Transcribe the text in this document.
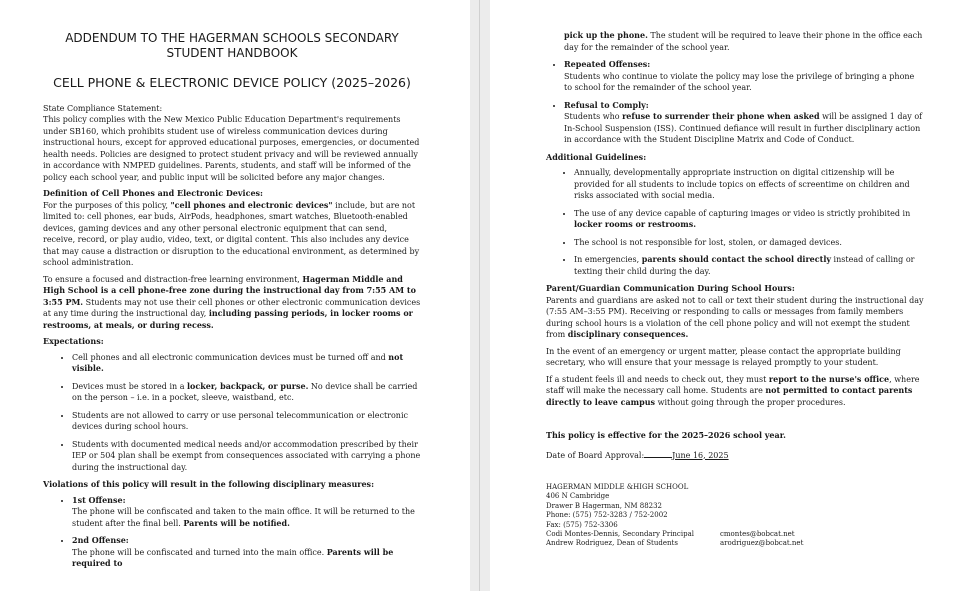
ADDENDUM TO THE HAGERMAN SCHOOLS SECONDARY STUDENT HANDBOOK

CELL PHONE & ELECTRONIC DEVICE POLICY (2025–2026)

State Compliance Statement:

This policy complies with the New Mexico Public Education Department's requirements under SB160, which prohibits student use of wireless communication devices during instructional hours, except for approved educational purposes, emergencies, or documented health needs. Policies are designed to protect student privacy and will be reviewed annually in accordance with NMPED guidelines. Parents, students, and staff will be informed of the policy each school year, and public input will be solicited before any major changes.

Definition of Cell Phones and Electronic Devices:

For the purposes of this policy, "cell phones and electronic devices" include, but are not limited to: cell phones, ear buds, AirPods, headphones, smart watches, Bluetooth-enabled devices, gaming devices and any other personal electronic equipment that can send, receive, record, or play audio, video, text, or digital content. This also includes any device that may cause a distraction or disruption to the educational environment, as determined by school administration.

To ensure a focused and distraction-free learning environment, Hagerman Middle and High School is a cell phone-free zone during the instructional day from 7:55 AM to 3:55 PM. Students may not use their cell phones or other electronic communication devices at any time during the instructional day, including passing periods, in locker rooms or restrooms, at meals, or during recess.

Expectations:

• Cell phones and all electronic communication devices must be turned off and not visible.
• Devices must be stored in a locker, backpack, or purse. No device shall be carried on the person – i.e. in a pocket, sleeve, waistband, etc.
• Students are not allowed to carry or use personal telecommunication or electronic devices during school hours.
• Students with documented medical needs and/or accommodation prescribed by their IEP or 504 plan shall be exempt from consequences associated with carrying a phone during the instructional day.

Violations of this policy will result in the following disciplinary measures:

• 1st Offense:
The phone will be confiscated and taken to the main office. It will be returned to the student after the final bell. Parents will be notified.
• 2nd Offense:
The phone will be confiscated and turned into the main office. Parents will be required to
pick up the phone. The student will be required to leave their phone in the office each day for the remainder of the school year.
• Repeated Offenses:
Students who continue to violate the policy may lose the privilege of bringing a phone to school for the remainder of the school year.
• Refusal to Comply:
Students who refuse to surrender their phone when asked will be assigned 1 day of In-School Suspension (ISS). Continued defiance will result in further disciplinary action in accordance with the Student Discipline Matrix and Code of Conduct.

Additional Guidelines:

• Annually, developmentally appropriate instruction on digital citizenship will be provided for all students to include topics on effects of screentime on children and risks associated with social media.
• The use of any device capable of capturing images or video is strictly prohibited in locker rooms or restrooms.
• The school is not responsible for lost, stolen, or damaged devices.
• In emergencies, parents should contact the school directly instead of calling or texting their child during the day.

Parent/Guardian Communication During School Hours:

Parents and guardians are asked not to call or text their student during the instructional day (7:55 AM–3:55 PM). Receiving or responding to calls or messages from family members during school hours is a violation of the cell phone policy and will not exempt the student from disciplinary consequences.

In the event of an emergency or urgent matter, please contact the appropriate building secretary, who will ensure that your message is relayed promptly to your student.

If a student feels ill and needs to check out, they must report to the nurse's office, where staff will make the necessary call home. Students are not permitted to contact parents directly to leave campus without going through the proper procedures.

This policy is effective for the 2025–2026 school year.

Date of Board Approval:	June 16, 2025

HAGERMAN MIDDLE &HIGH SCHOOL
406 N Cambridge
Drawer B Hagerman, NM 88232
Phone: (575) 752-3283 / 752-2002
Fax: (575) 752-3306
Codi Montes-Dennis, Secondary Principal	cmontes@bobcat.net
Andrew Rodriguez, Dean of Students	arodriguez@bobcat.net
